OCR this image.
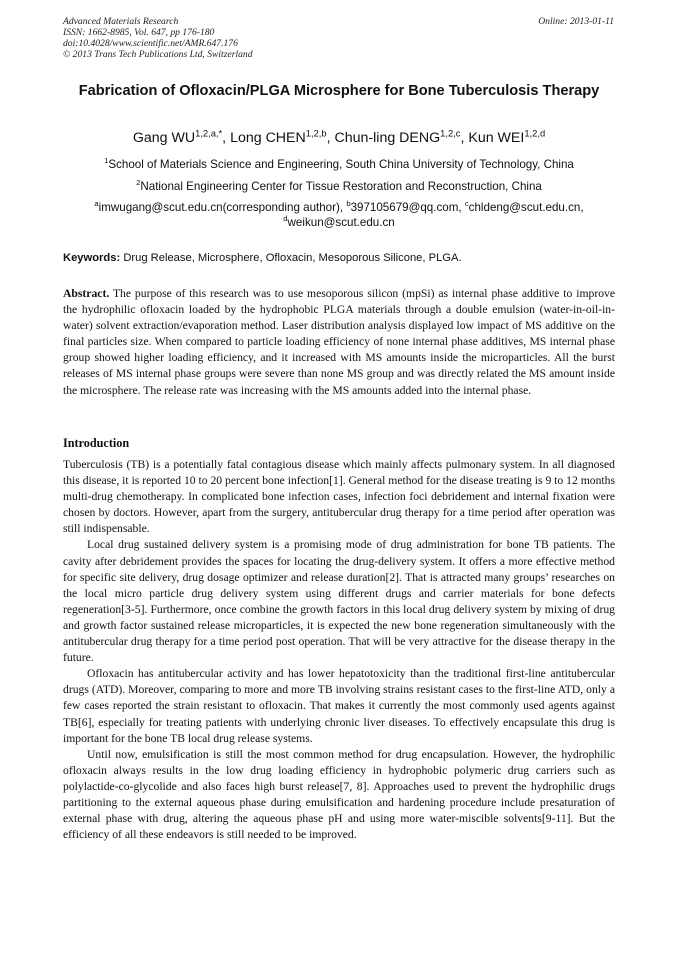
Advanced Materials Research
ISSN: 1662-8985, Vol. 647, pp 176-180
doi:10.4028/www.scientific.net/AMR.647.176
© 2013 Trans Tech Publications Ltd, Switzerland
Online: 2013-01-11
Fabrication of Ofloxacin/PLGA Microsphere for Bone Tuberculosis Therapy
Gang $WU^{1,2,a,*}$, Long CHEN$^{1,2,b}$, Chun-ling DENG$^{1,2,c}$, Kun WEI$^{1,2,d}$
$^1$School of Materials Science and Engineering, South China University of Technology, China
$^2$National Engineering Center for Tissue Restoration and Reconstruction, China
$^a$imwugang@scut.edu.cn(corresponding author), $^b$397105679@qq.com, $^c$chldeng@scut.edu.cn,
$^d$weikun@scut.edu.cn
Keywords: Drug Release, Microsphere, Ofloxacin, Mesoporous Silicone, PLGA.
Abstract. The purpose of this research was to use mesoporous silicon (mpSi) as internal phase additive to improve the hydrophilic ofloxacin loaded by the hydrophobic PLGA materials through a double emulsion (water-in-oil-in-water) solvent extraction/evaporation method. Laser distribution analysis displayed low impact of MS additive on the final particles size. When compared to particle loading efficiency of none internal phase additives, MS internal phase group showed higher loading efficiency, and it increased with MS amounts inside the microparticles. All the burst releases of MS internal phase groups were severe than none MS group and was directly related the MS amount inside the microsphere. The release rate was increasing with the MS amounts added into the internal phase.
Introduction

Tuberculosis (TB) is a potentially fatal contagious disease which mainly affects pulmonary system. In all diagnosed this disease, it is reported 10 to 20 percent bone infection[1]. General method for the disease treating is 9 to 12 months multi-drug chemotherapy. In complicated bone infection cases, infection foci debridement and internal fixation were chosen by doctors. However, apart from the surgery, antitubercular drug therapy for a time period after operation was still indispensable.

Local drug sustained delivery system is a promising mode of drug administration for bone TB patients. The cavity after debridement provides the spaces for locating the drug-delivery system. It offers a more effective method for specific site delivery, drug dosage optimizer and release duration[2]. That is attracted many groups’ researches on the local micro particle drug delivery system using different drugs and carrier materials for bone defects regeneration[3-5]. Furthermore, once combine the growth factors in this local drug delivery system by mixing of drug and growth factor sustained release microparticles, it is expected the new bone regeneration simultaneously with the antitubercular drug therapy for a time period post operation. That will be very attractive for the disease therapy in the future.

Ofloxacin has antitubercular activity and has lower hepatotoxicity than the traditional first-line antitubercular drugs (ATD). Moreover, comparing to more and more TB involving strains resistant cases to the first-line ATD, only a few cases reported the strain resistant to ofloxacin. That makes it currently the most commonly used agents against TB[6], especially for treating patients with underlying chronic liver diseases. To effectively encapsulate this drug is important for the bone TB local drug release systems.

Until now, emulsification is still the most common method for drug encapsulation. However, the hydrophilic ofloxacin always results in the low drug loading efficiency in hydrophobic polymeric drug carriers such as polylactide-co-glycolide and also faces high burst release[7, 8]. Approaches used to prevent the hydrophilic drugs partitioning to the external aqueous phase during emulsification and hardening procedure include presaturation of external phase with drug, altering the aqueous phase pH and using more water-miscible solvents[9-11]. But the efficiency of all these endeavors is still needed to be improved.
